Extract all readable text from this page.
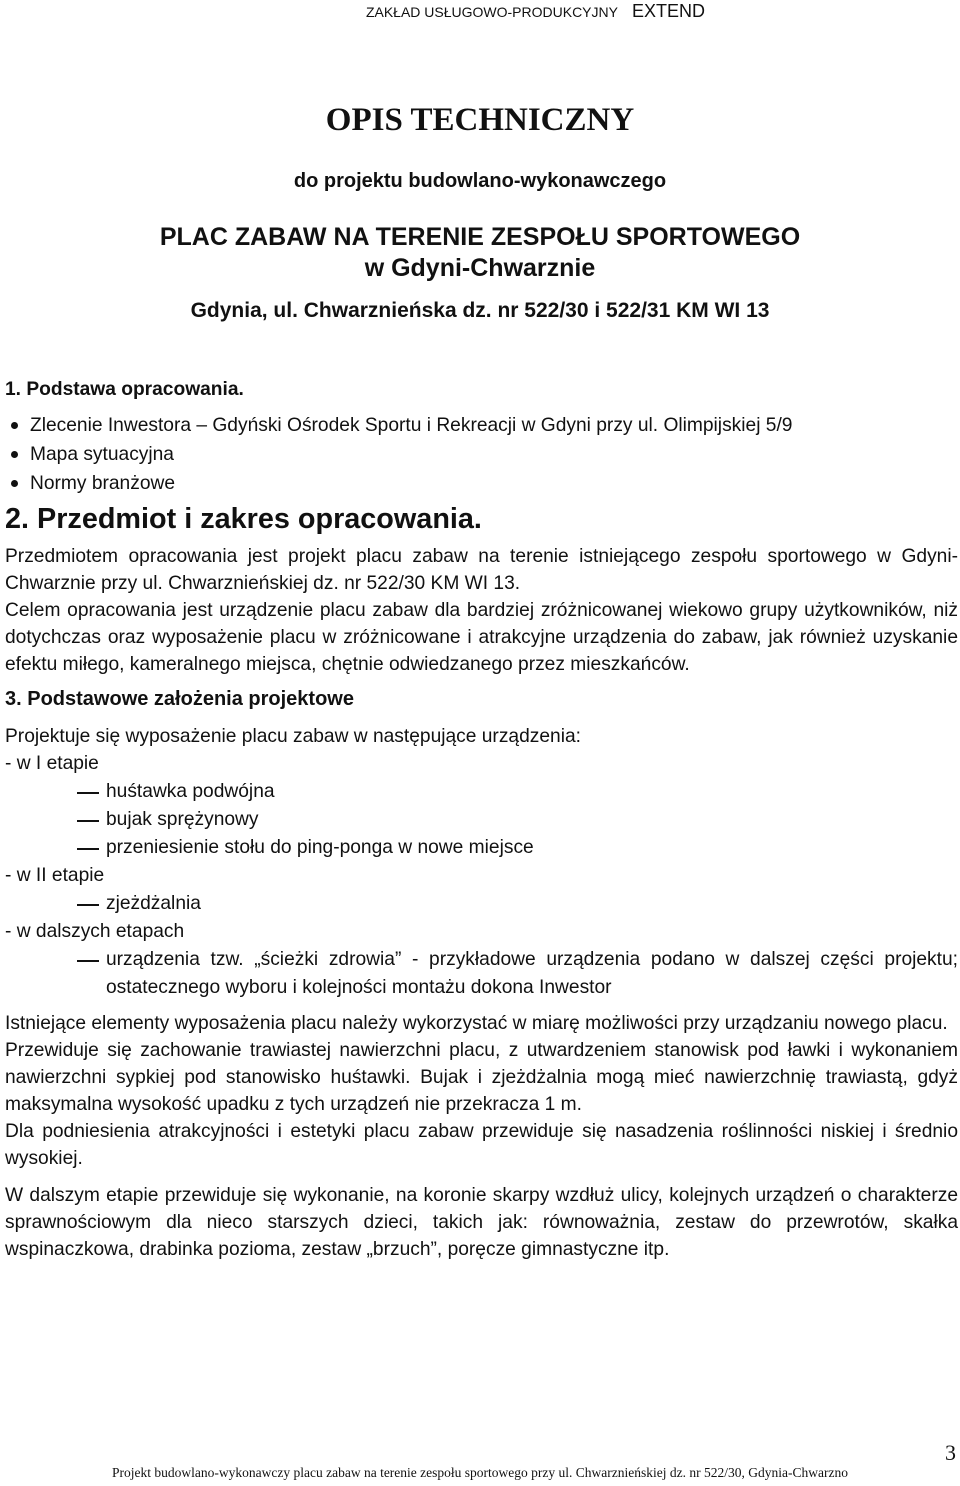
ZAKŁAD USŁUGOWO-PRODUKCYJNY EXTEND
OPIS TECHNICZNY
do projektu budowlano-wykonawczego
PLAC ZABAW NA TERENIE ZESPOŁU SPORTOWEGO
w Gdyni-Chwarznie
Gdynia, ul. Chwarznieńska dz. nr 522/30 i 522/31 KM WI 13
1. Podstawa opracowania.
Zlecenie Inwestora – Gdyński Ośrodek Sportu i Rekreacji w Gdyni przy ul. Olimpijskiej 5/9
Mapa sytuacyjna
Normy branżowe
2. Przedmiot i zakres opracowania.

Przedmiotem opracowania jest projekt placu zabaw na terenie istniejącego zespołu sportowego w Gdyni-Chwarznie przy ul. Chwarznieńskiej dz. nr 522/30 KM WI 13.

Celem opracowania jest urządzenie placu zabaw dla bardziej zróżnicowanej wiekowo grupy użytkowników, niż dotychczas oraz wyposażenie placu w zróżnicowane i atrakcyjne urządzenia do zabaw, jak również uzyskanie efektu miłego, kameralnego miejsca, chętnie odwiedzanego przez mieszkańców.

3. Podstawowe założenia projektowe

Projektuje się wyposażenie placu zabaw w następujące urządzenia:

- w I etapie
huśtawka podwójna
bujak sprężynowy
przeniesienie stołu do ping-ponga w nowe miejsce
- w II etapie
zjeżdżalnia
- w dalszych etapach
urządzenia tzw. „ścieżki zdrowia” - przykładowe urządzenia podano w dalszej części projektu; ostatecznego wyboru i kolejności montażu dokona Inwestor

Istniejące elementy wyposażenia placu należy wykorzystać w miarę możliwości przy urządzaniu nowego placu.

Przewiduje się zachowanie trawiastej nawierzchni placu, z utwardzeniem stanowisk pod ławki i wykonaniem nawierzchni sypkiej pod stanowisko huśtawki. Bujak i zjeżdżalnia mogą mieć nawierzchnię trawiastą, gdyż maksymalna wysokość upadku z tych urządzeń nie przekracza 1 m.

Dla podniesienia atrakcyjności i estetyki placu zabaw przewiduje się nasadzenia roślinności niskiej i średnio wysokiej.

W dalszym etapie przewiduje się wykonanie, na koronie skarpy wzdłuż ulicy, kolejnych urządzeń o charakterze sprawnościowym dla nieco starszych dzieci, takich jak: równoważnia, zestaw do przewrotów, skałka wspinaczkowa, drabinka pozioma, zestaw „brzuch”, poręcze gimnastyczne itp.

3
Projekt budowlano-wykonawczy placu zabaw na terenie zespołu sportowego przy ul. Chwarznieńskiej dz. nr 522/30, Gdynia-Chwarzno
